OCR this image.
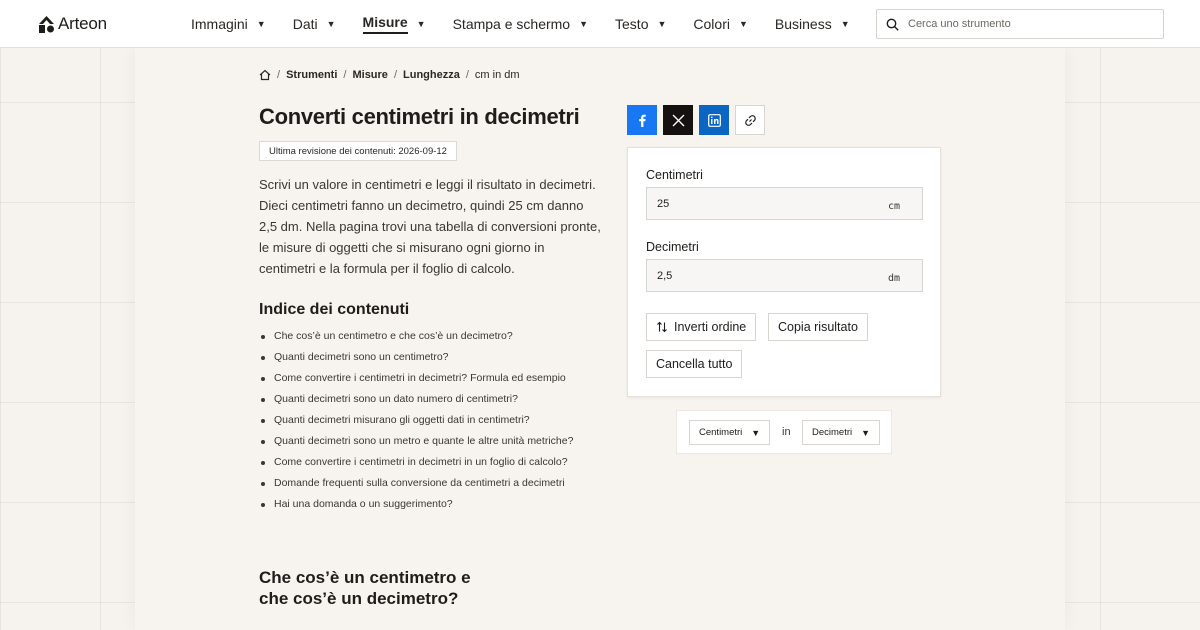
Arteon	Immagini ▼ Dati ▼ Misure ▼ Stampa e schermo ▼ Testo ▼ Colori ▼ Business ▼
Cerca uno strumento
/ Strumenti / Misure / Lunghezza / cm in dm
Converti centimetri in decimetri
Ultima revisione dei contenuti: 2026-09-12

Scrivi un valore in centimetri e leggi il risultato in decimetri. Dieci centimetri fanno un decimetro, quindi 25 cm danno 2,5 dm. Nella pagina trovi una tabella di conversioni pronte, le misure di oggetti che si misurano ogni giorno in centimetri e la formula per il foglio di calcolo.

Indice dei contenuti
Che cos’è un centimetro e che cos’è un decimetro?
Quanti decimetri sono un centimetro?
Come convertire i centimetri in decimetri? Formula ed esempio
Quanti decimetri sono un dato numero di centimetri?
Quanti decimetri misurano gli oggetti dati in centimetri?
Quanti decimetri sono un metro e quante le altre unità metriche?
Come convertire i centimetri in decimetri in un foglio di calcolo?
Domande frequenti sulla conversione da centimetri a decimetri
Hai una domanda o un suggerimento?
Che cos’è un centimetro e che cos’è un decimetro?
Centimetri
25
cm
Decimetri
2,5
dm
Inverti ordine	Copia risultato
Cancella tutto
Centimetri ▼ in Decimetri ▼
